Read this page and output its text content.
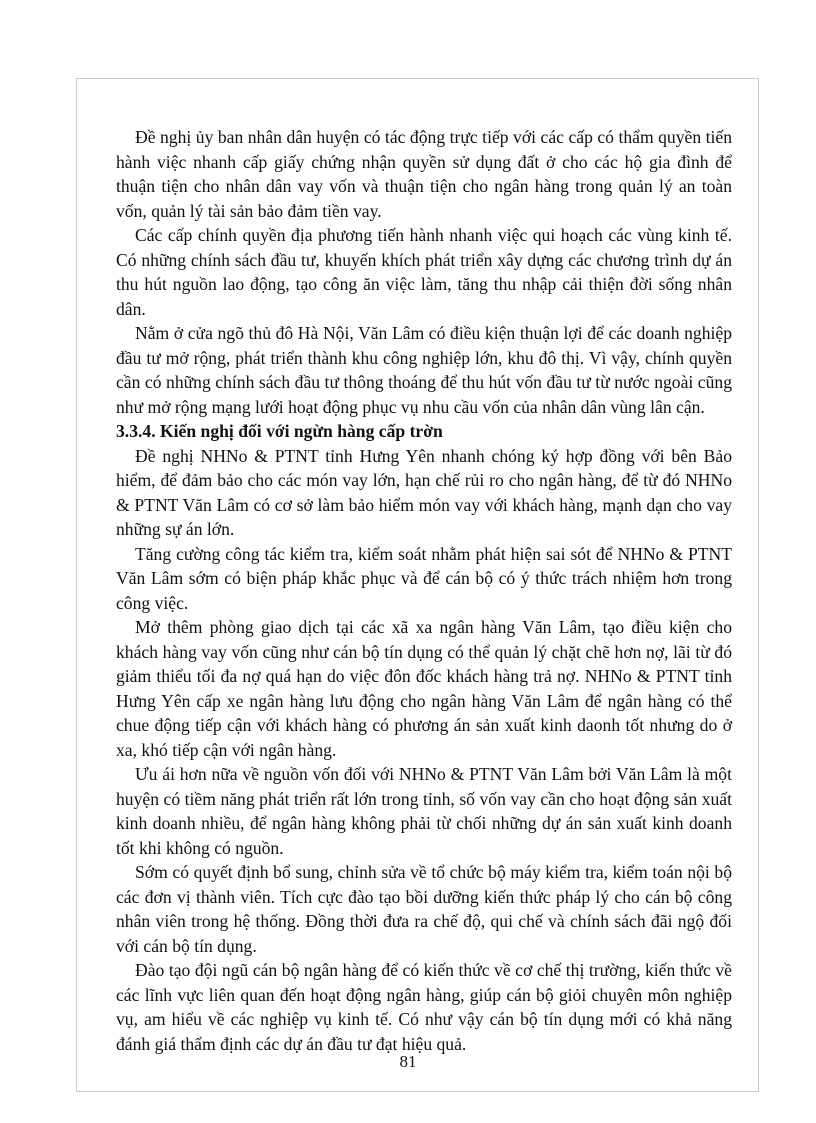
Đề nghị ủy ban nhân dân huyện có tác động trực tiếp với các cấp có thẩm quyền tiến hành việc nhanh cấp giấy chứng nhận quyền sử dụng đất ở cho các hộ gia đình để thuận tiện cho nhân dân vay vốn và thuận tiện cho ngân hàng trong quản lý an toàn vốn, quản lý tài sản bảo đảm tiền vay.

Các cấp chính quyền địa phương tiến hành nhanh việc qui hoạch các vùng kinh tế. Có những chính sách đầu tư, khuyến khích phát triển xây dựng các chương trình dự án thu hút nguồn lao động, tạo công ăn việc làm, tăng thu nhập cải thiện đời sống nhân dân.

Nằm ở cửa ngõ thủ đô Hà Nội, Văn Lâm có điều kiện thuận lợi để các doanh nghiệp đầu tư mở rộng, phát triển thành khu công nghiệp lớn, khu đô thị. Vì vậy, chính quyền cần có những chính sách đầu tư thông thoáng để thu hút vốn đầu tư từ nước ngoài cũng như mở rộng mạng lưới hoạt động phục vụ nhu cầu vốn của nhân dân vùng lân cận.

3.3.4. Kiến nghị đối với ngừn hàng cấp trờn

Đề nghị NHNo & PTNT tỉnh Hưng Yên nhanh chóng ký hợp đồng với bên Bảo hiểm, để đảm bảo cho các món vay lớn, hạn chế rủi ro cho ngân hàng, để từ đó NHNo & PTNT Văn Lâm có cơ sở làm bảo hiểm món vay với khách hàng, mạnh dạn cho vay những sự án lớn.

Tăng cường công tác kiểm tra, kiểm soát nhằm phát hiện sai sót để NHNo & PTNT Văn Lâm sớm có biện pháp khắc phục và để cán bộ có ý thức trách nhiệm hơn trong công việc.

Mở thêm phòng giao dịch tại các xã xa ngân hàng Văn Lâm, tạo điều kiện cho khách hàng vay vốn cũng như cán bộ tín dụng có thể quản lý chặt chẽ hơn nợ, lãi từ đó giảm thiểu tối đa nợ quá hạn do việc đôn đốc khách hàng trả nợ. NHNo & PTNT tỉnh Hưng Yên cấp xe ngân hàng lưu động cho ngân hàng Văn Lâm để ngân hàng có thể chue động tiếp cận với khách hàng có phương án sản xuất kinh daonh tốt nhưng do ở xa, khó tiếp cận với ngân hàng.

Ưu ái hơn nữa về nguồn vốn đối với NHNo & PTNT Văn Lâm bởi Văn Lâm là một huyện có tiềm năng phát triển rất lớn trong tỉnh, số vốn vay cần cho hoạt động sản xuất kinh doanh nhiều, để ngân hàng không phải từ chối những dự án sản xuất kinh doanh tốt khi không có nguồn.

Sớm có quyết định bổ sung, chỉnh sửa về tổ chức bộ máy kiểm tra, kiểm toán nội bộ các đơn vị thành viên. Tích cực đào tạo bồi dưỡng kiến thức pháp lý cho cán bộ công nhân viên trong hệ thống. Đồng thời đưa ra chế độ, qui chế và chính sách đãi ngộ đối với cán bộ tín dụng.

Đào tạo đội ngũ cán bộ ngân hàng để có kiến thức về cơ chế thị trường, kiến thức về các lĩnh vực liên quan đến hoạt động ngân hàng, giúp cán bộ giỏi chuyên môn nghiệp vụ, am hiểu về các nghiệp vụ kinh tế. Có như vậy cán bộ tín dụng mới có khả năng đánh giá thẩm định các dự án đầu tư đạt hiệu quả.

81
